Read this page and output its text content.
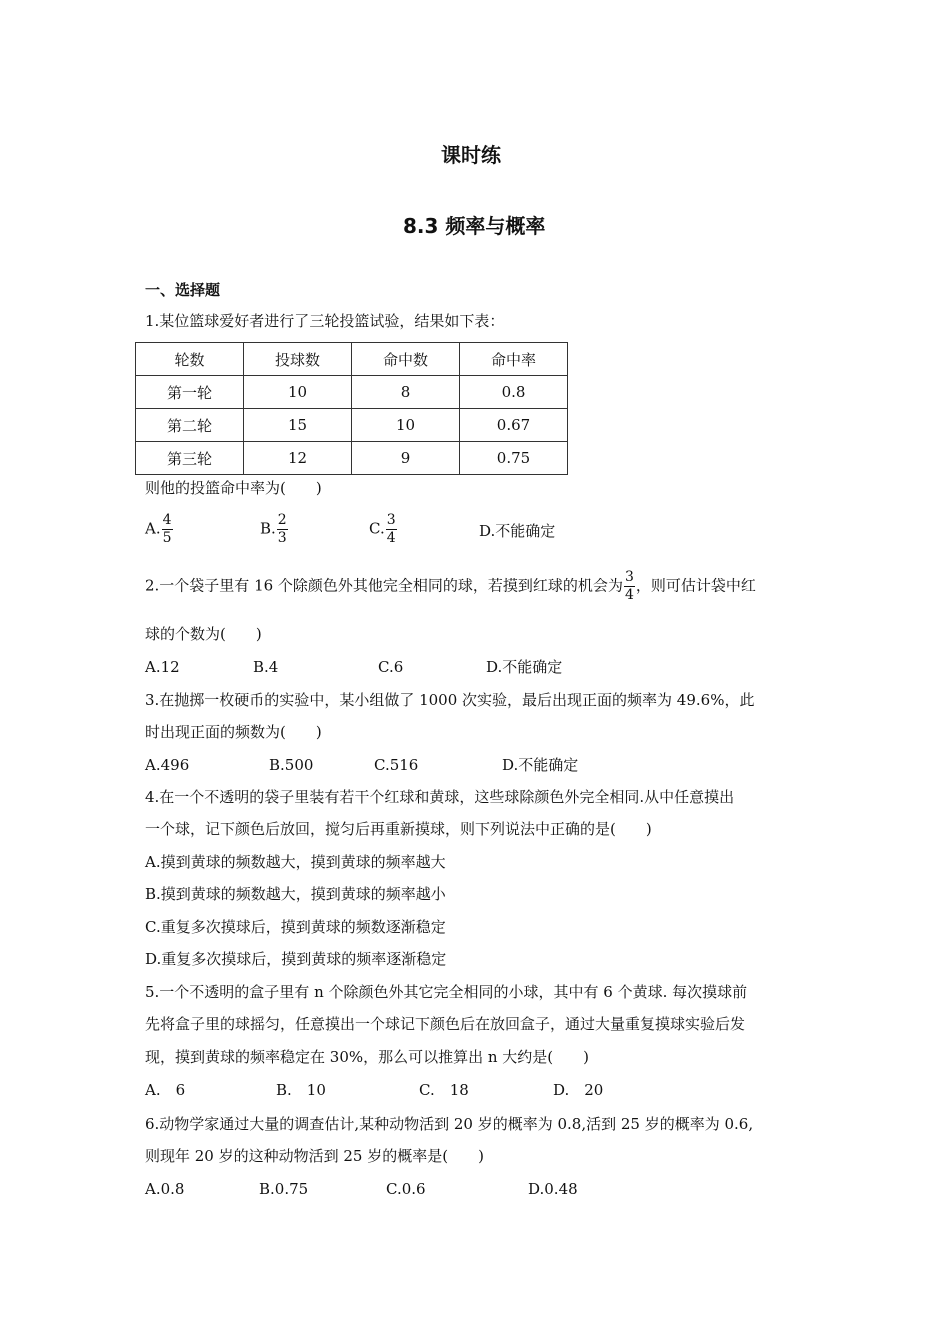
课时练
8.3 频率与概率
一、选择题
1.某位篮球爱好者进行了三轮投篮试验，结果如下表：
轮数	投球数	命中数	命中率
第一轮	10	8	0.8
第二轮	15	10	0.67
第三轮	12	9	0.75
则他的投篮命中率为(　　)
A. $\frac{4}{5}$	B. $\frac{2}{3}$	C. $\frac{3}{4}$	D.不能确定
2.一个袋子里有 16 个除颜色外其他完全相同的球，若摸到红球的机会为 $\frac{3}{4}$ ，则可估计袋中红
球的个数为(　　)
A.12	B.4	C.6	D.不能确定
3.在抛掷一枚硬币的实验中，某小组做了 1000 次实验，最后出现正面的频率为 49.6%，此
时出现正面的频数为(　　)
A.496	B.500	C.516	D.不能确定
4.在一个不透明的袋子里装有若干个红球和黄球，这些球除颜色外完全相同.从中任意摸出
一个球，记下颜色后放回，搅匀后再重新摸球，则下列说法中正确的是(　　)
A.摸到黄球的频数越大，摸到黄球的频率越大
B.摸到黄球的频数越大，摸到黄球的频率越小
C.重复多次摸球后，摸到黄球的频数逐渐稳定
D.重复多次摸球后，摸到黄球的频率逐渐稳定
5.一个不透明的盒子里有 n 个除颜色外其它完全相同的小球，其中有 6 个黄球. 每次摸球前
先将盒子里的球摇匀，任意摸出一个球记下颜色后在放回盒子，通过大量重复摸球实验后发
现，摸到黄球的频率稳定在 30%，那么可以推算出 n 大约是(　　)
A.　6	B.　10	C.　18	D.　20
6.动物学家通过大量的调查估计,某种动物活到 20 岁的概率为 0.8,活到 25 岁的概率为 0.6,
则现年 20 岁的这种动物活到 25 岁的概率是(　　)
A.0.8	B.0.75	C.0.6	D.0.48
